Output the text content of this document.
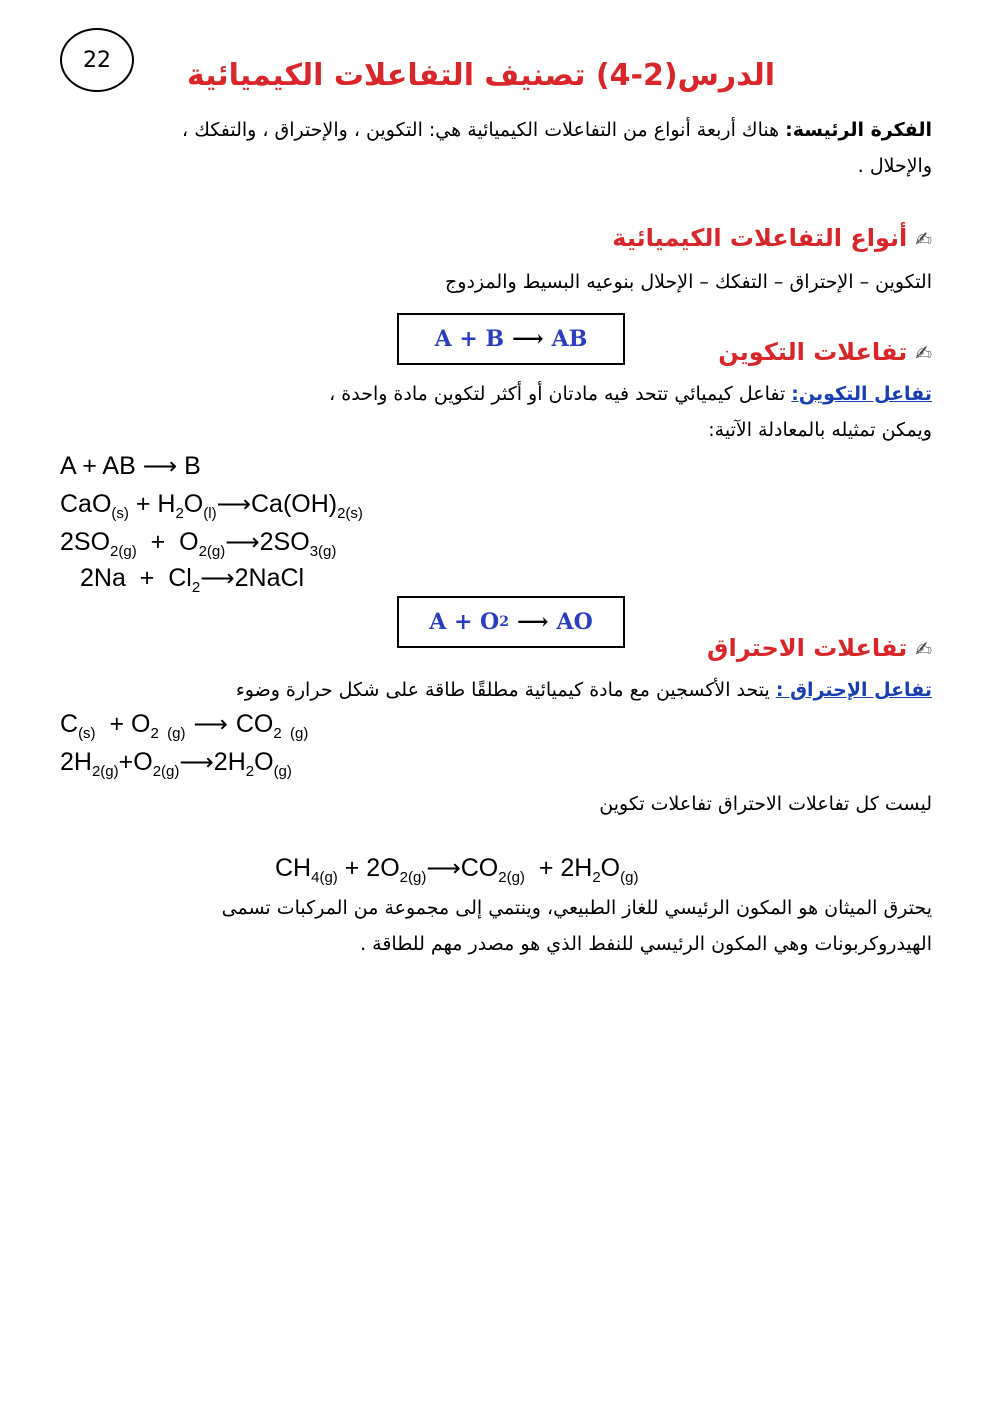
22	الدرس(2-4) تصنيف التفاعلات الكيميائية
الفكرة الرئيسة: هناك أربعة أنواع من التفاعلات الكيميائية هي: التكوين ، والإحتراق ، والتفكك ، والإحلال .
✍أنواع التفاعلات الكيميائية
التكوين – الإحتراق – التفكك – الإحلال بنوعيه البسيط والمزدوج
A + B ⟶ AB
✍تفاعلات التكوين
تفاعل التكوين: تفاعل كيميائي تتحد فيه مادتان أو أكثر لتكوين مادة واحدة ،
ويمكن تمثيله بالمعادلة الآتية:
A + AB ⟶ B
$CaO_{(s)} + H_2O_{(l)}⟶Ca(OH)_{2(s)}$
$2SO_{2(g)}$  +  $O_{2(g)}⟶2SO_{3(g)}$
$2Na + Cl_2⟶2NaCl$
A + O 2 ⟶ AO
✍تفاعلات الاحتراق
تفاعل الإحتراق : يتحد الأكسجين مع مادة كيميائية مطلقًا طاقة على شكل حرارة وضوء
$C_{(s)} + O_{2 (g)}$ ⟶ $CO_{2 (g)}$
$2H_{2(g)}+O_{2(g)}⟶2H_2O_{(g)}$
ليست كل تفاعلات الاحتراق تفاعلات تكوين
$CH_{4(g)}$ + $2O_{2(g)}⟶CO_{2(g)} + 2H_2O_{(g)}$
يحترق الميثان هو المكون الرئيسي للغاز الطبيعي، وينتمي إلى مجموعة من المركبات تسمى الهيدروكربونات وهي المكون الرئيسي للنفط الذي هو مصدر مهم للطاقة .
